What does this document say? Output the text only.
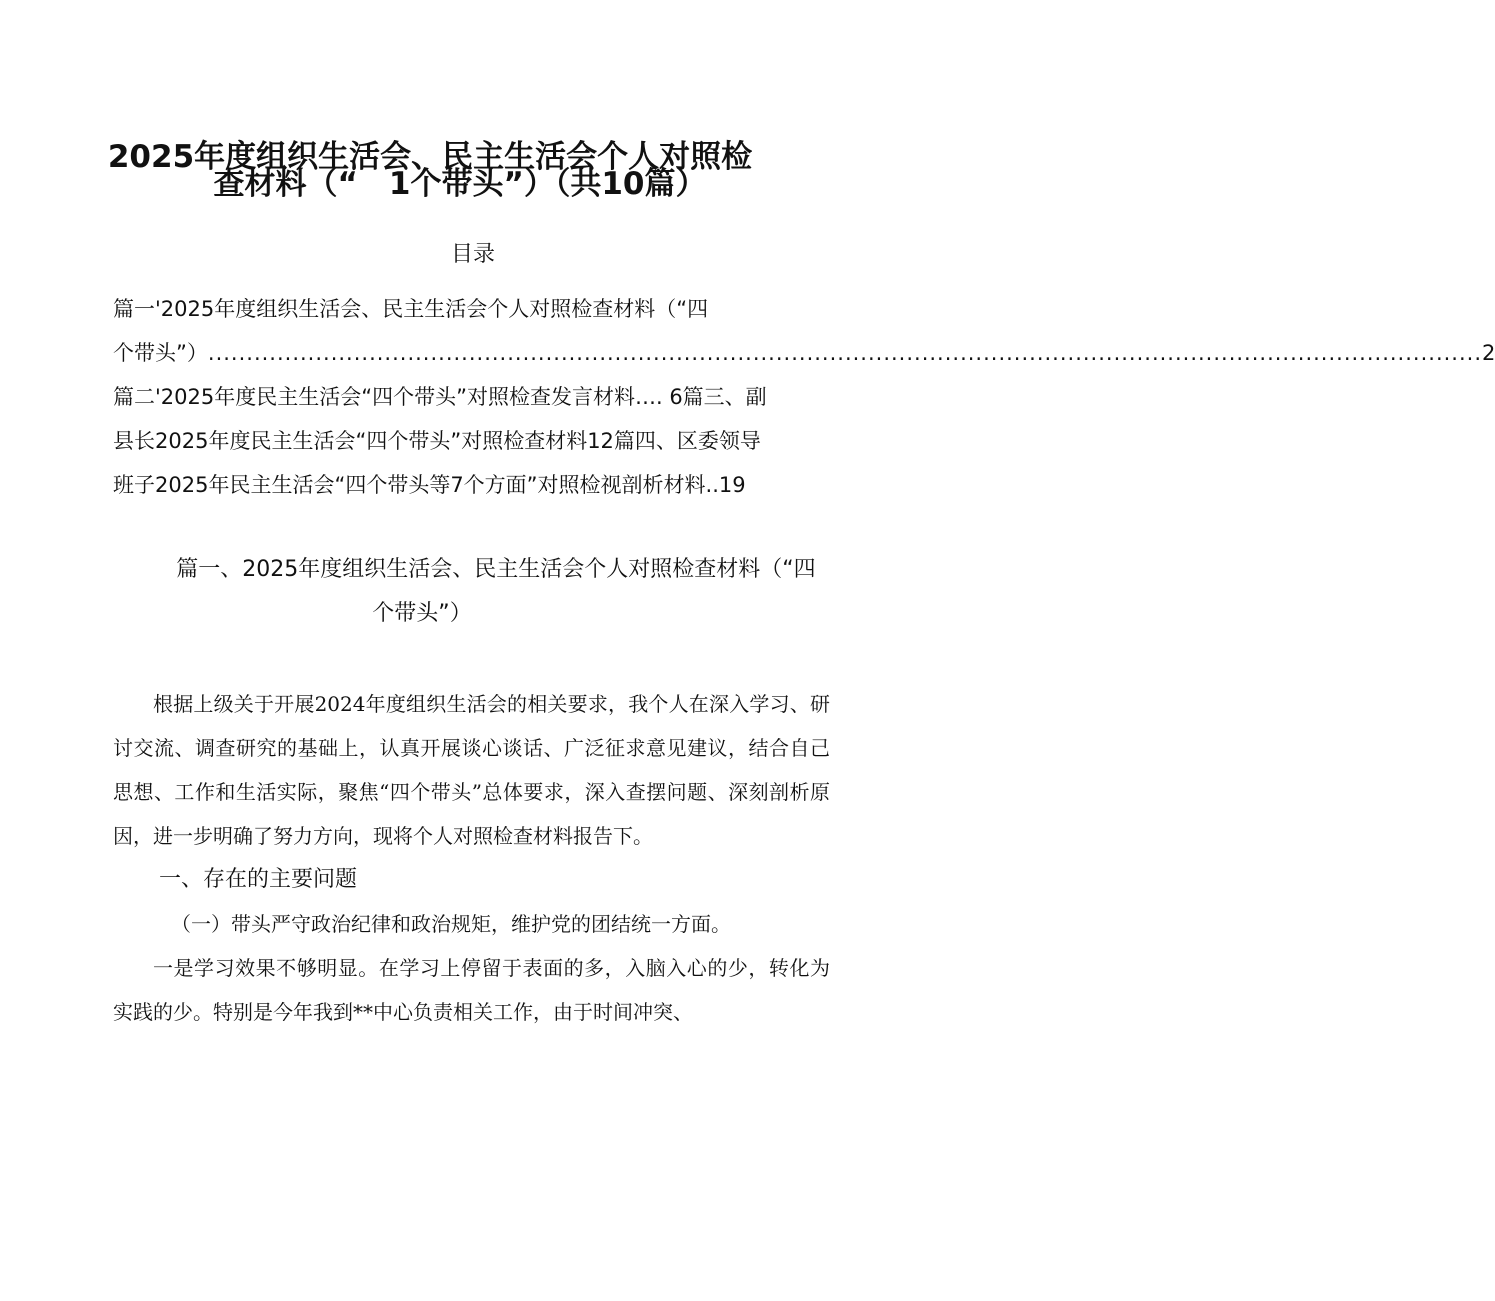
2025年度组织生活会、民主生活会个人对照检
查材料（“　1个带头”）（共10篇）
目录
篇一'2025年度组织生活会、民主生活会个人对照检查材料（“四
个带头”） ...................................................................................................................................................................... 2
篇二'2025年度民主生活会“四个带头”对照检查发言材料…. 6篇三、副
县长2025年度民主生活会“四个带头”对照检查材料12篇四、区委领导
班子2025年民主生活会“四个带头等7个方面”对照检视剖析材料..19
篇一、2025年度组织生活会、民主生活会个人对照检查材料（“四
个带头”）

根据上级关于开展2024年度组织生活会的相关要求，我个人在深入学习、研讨交流、调查研究的基础上，认真开展谈心谈话、广泛征求意见建议，结合自己思想、工作和生活实际，聚焦“四个带头”总体要求，深入查摆问题、深刻剖析原因，进一步明确了努力方向，现将个人对照检查材料报告下。

一、存在的主要问题

（一）带头严守政治纪律和政治规矩，维护党的团结统一方面。

一是学习效果不够明显。在学习上停留于表面的多，入脑入心的少，转化为实践的少。特别是今年我到**中心负责相关工作，由于时间冲突、
